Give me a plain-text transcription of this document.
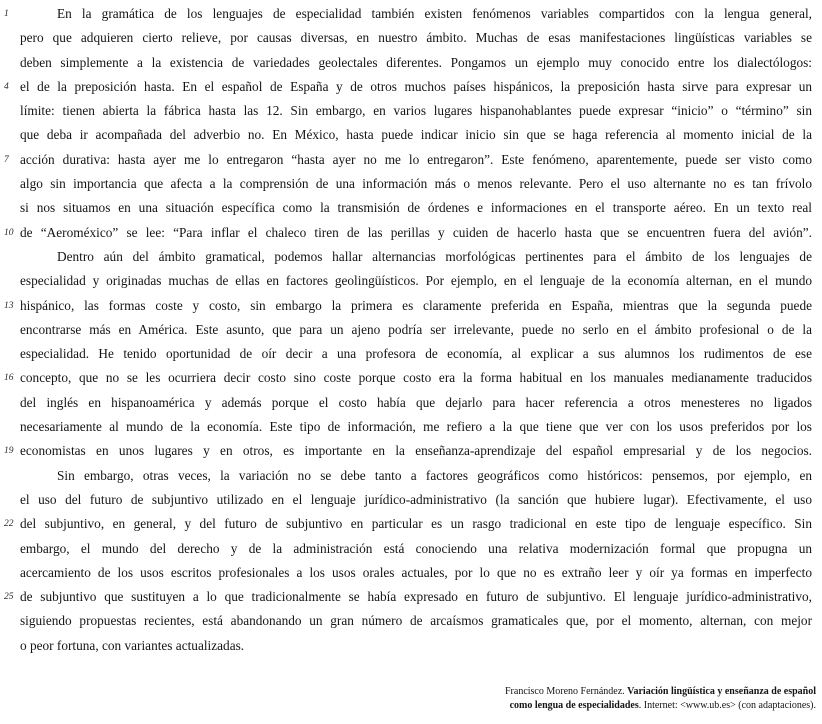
1	En la gramática de los lenguajes de especialidad también existen fenómenos variables compartidos con la lengua general,
pero que adquieren cierto relieve, por causas diversas, en nuestro ámbito. Muchas de esas manifestaciones lingüísticas variables se
deben simplemente a la existencia de variedades geolectales diferentes. Pongamos un ejemplo muy conocido entre los dialectólogos:
4 el de la preposición hasta. En el español de España y de otros muchos países hispánicos, la preposición hasta sirve para expresar un
límite: tienen abierta la fábrica hasta las 12. Sin embargo, en varios lugares hispanohablantes puede expresar “inicio” o “término” sin
que deba ir acompañada del adverbio no. En México, hasta puede indicar inicio sin que se haga referencia al momento inicial de la
7 acción durativa: hasta ayer me lo entregaron “hasta ayer no me lo entregaron”. Este fenómeno, aparentemente, puede ser visto como
algo sin importancia que afecta a la comprensión de una información más o menos relevante. Pero el uso alternante no es tan frívolo
si nos situamos en una situación específica como la transmisión de órdenes e informaciones en el transporte aéreo. En un texto real
10 de “Aeroméxico” se lee: “Para inflar el chaleco tiren de las perillas y cuiden de hacerlo hasta que se encuentren fuera del avión”.
Dentro aún del ámbito gramatical, podemos hallar alternancias morfológicas pertinentes para el ámbito de los lenguajes de
especialidad y originadas muchas de ellas en factores geolingüísticos. Por ejemplo, en el lenguaje de la economía alternan, en el mundo
13 hispánico, las formas coste y costo, sin embargo la primera es claramente preferida en España, mientras que la segunda puede
encontrarse más en América. Este asunto, que para un ajeno podría ser irrelevante, puede no serlo en el ámbito profesional o de la
especialidad. He tenido oportunidad de oír decir a una profesora de economía, al explicar a sus alumnos los rudimentos de ese
16 concepto, que no se les ocurriera decir costo sino coste porque costo era la forma habitual en los manuales medianamente traducidos
del inglés en hispanoamérica y además porque el costo había que dejarlo para hacer referencia a otros menesteres no ligados
necesariamente al mundo de la economía. Este tipo de información, me refiero a la que tiene que ver con los usos preferidos por los
19 economistas en unos lugares y en otros, es importante en la enseñanza-aprendizaje del español empresarial y de los negocios.
Sin embargo, otras veces, la variación no se debe tanto a factores geográficos como históricos: pensemos, por ejemplo, en
el uso del futuro de subjuntivo utilizado en el lenguaje jurídico-administrativo (la sanción que hubiere lugar). Efectivamente, el uso
22 del subjuntivo, en general, y del futuro de subjuntivo en particular es un rasgo tradicional en este tipo de lenguaje específico. Sin
embargo, el mundo del derecho y de la administración está conociendo una relativa modernización formal que propugna un
acercamiento de los usos escritos profesionales a los usos orales actuales, por lo que no es extraño leer y oír ya formas en imperfecto
25 de subjuntivo que sustituyen a lo que tradicionalmente se había expresado en futuro de subjuntivo. El lenguaje jurídico-administrativo,
siguiendo propuestas recientes, está abandonando un gran número de arcaísmos gramaticales que, por el momento, alternan, con mejor
o peor fortuna, con variantes actualizadas.
Francisco Moreno Fernández. Variación lingüística y enseñanza de español
como lengua de especialidades. Internet: <www.ub.es> (con adaptaciones).
